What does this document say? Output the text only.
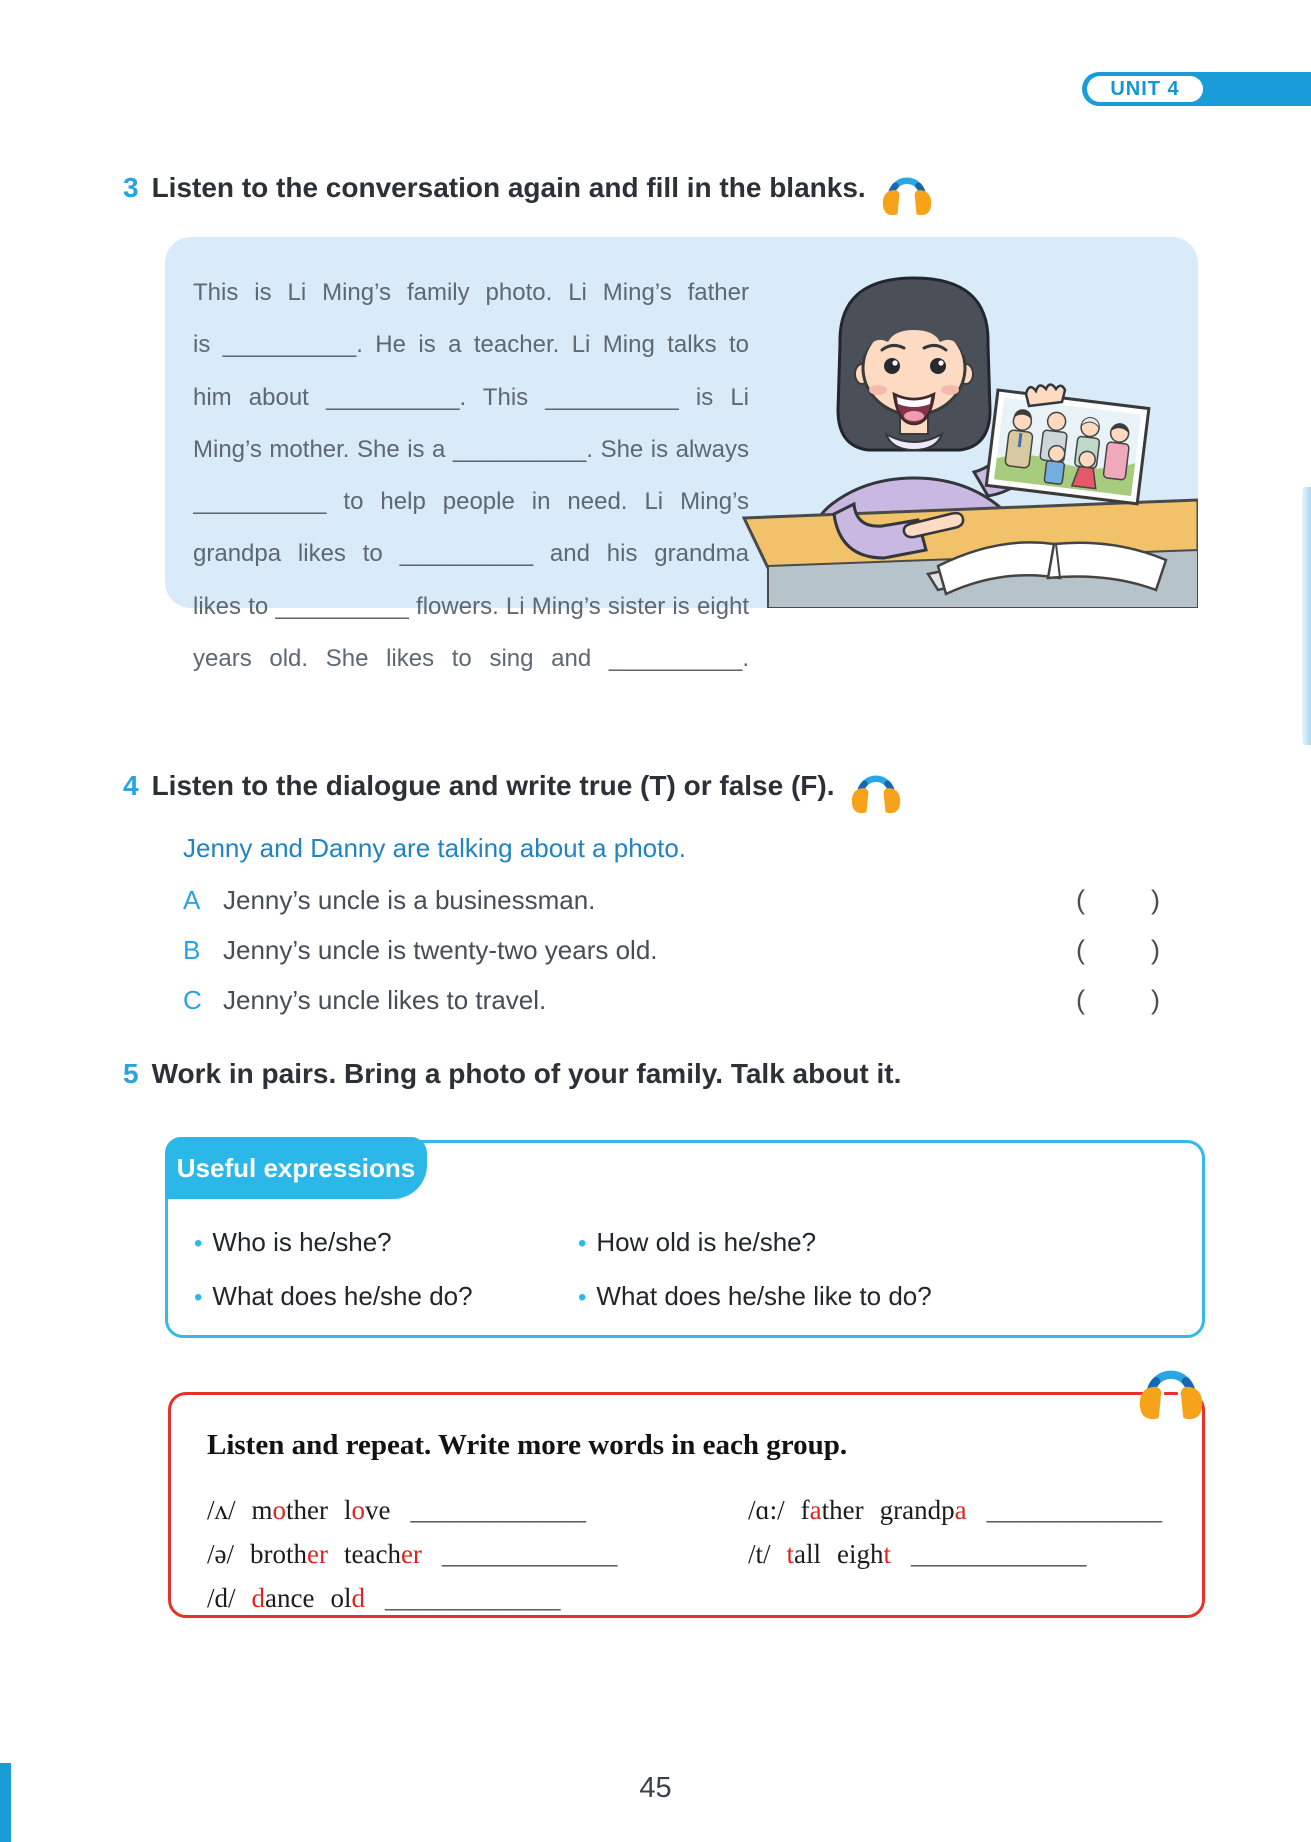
UNIT 4
3 Listen to the conversation again and fill in the blanks.
This is Li Ming’s family photo. Li Ming’s father
is __________. He is a teacher. Li Ming talks to
him about __________. This __________ is Li
Ming’s mother. She is a __________. She is always
__________ to help people in need. Li Ming’s
grandpa likes to __________ and his grandma
likes to __________ flowers. Li Ming’s sister is eight
years old. She likes to sing and __________.
4 Listen to the dialogue and write true (T) or false (F).
Jenny and Danny are talking about a photo.
A Jenny’s uncle is a businessman.	( )
B Jenny’s uncle is twenty-two years old.	( )
C Jenny’s uncle likes to travel.	( )
5 Work in pairs. Bring a photo of your family. Talk about it.
Useful expressions
• Who is he/she?	• How old is he/she?
• What does he/she do?	• What does he/she like to do?
Listen and repeat. Write more words in each group.
/ʌ/ mother love _____________	/ɑ:/ father grandpa _____________
/ə/ brother teacher _____________	/t/ tall eight _____________
/d/ dance old _____________
45
